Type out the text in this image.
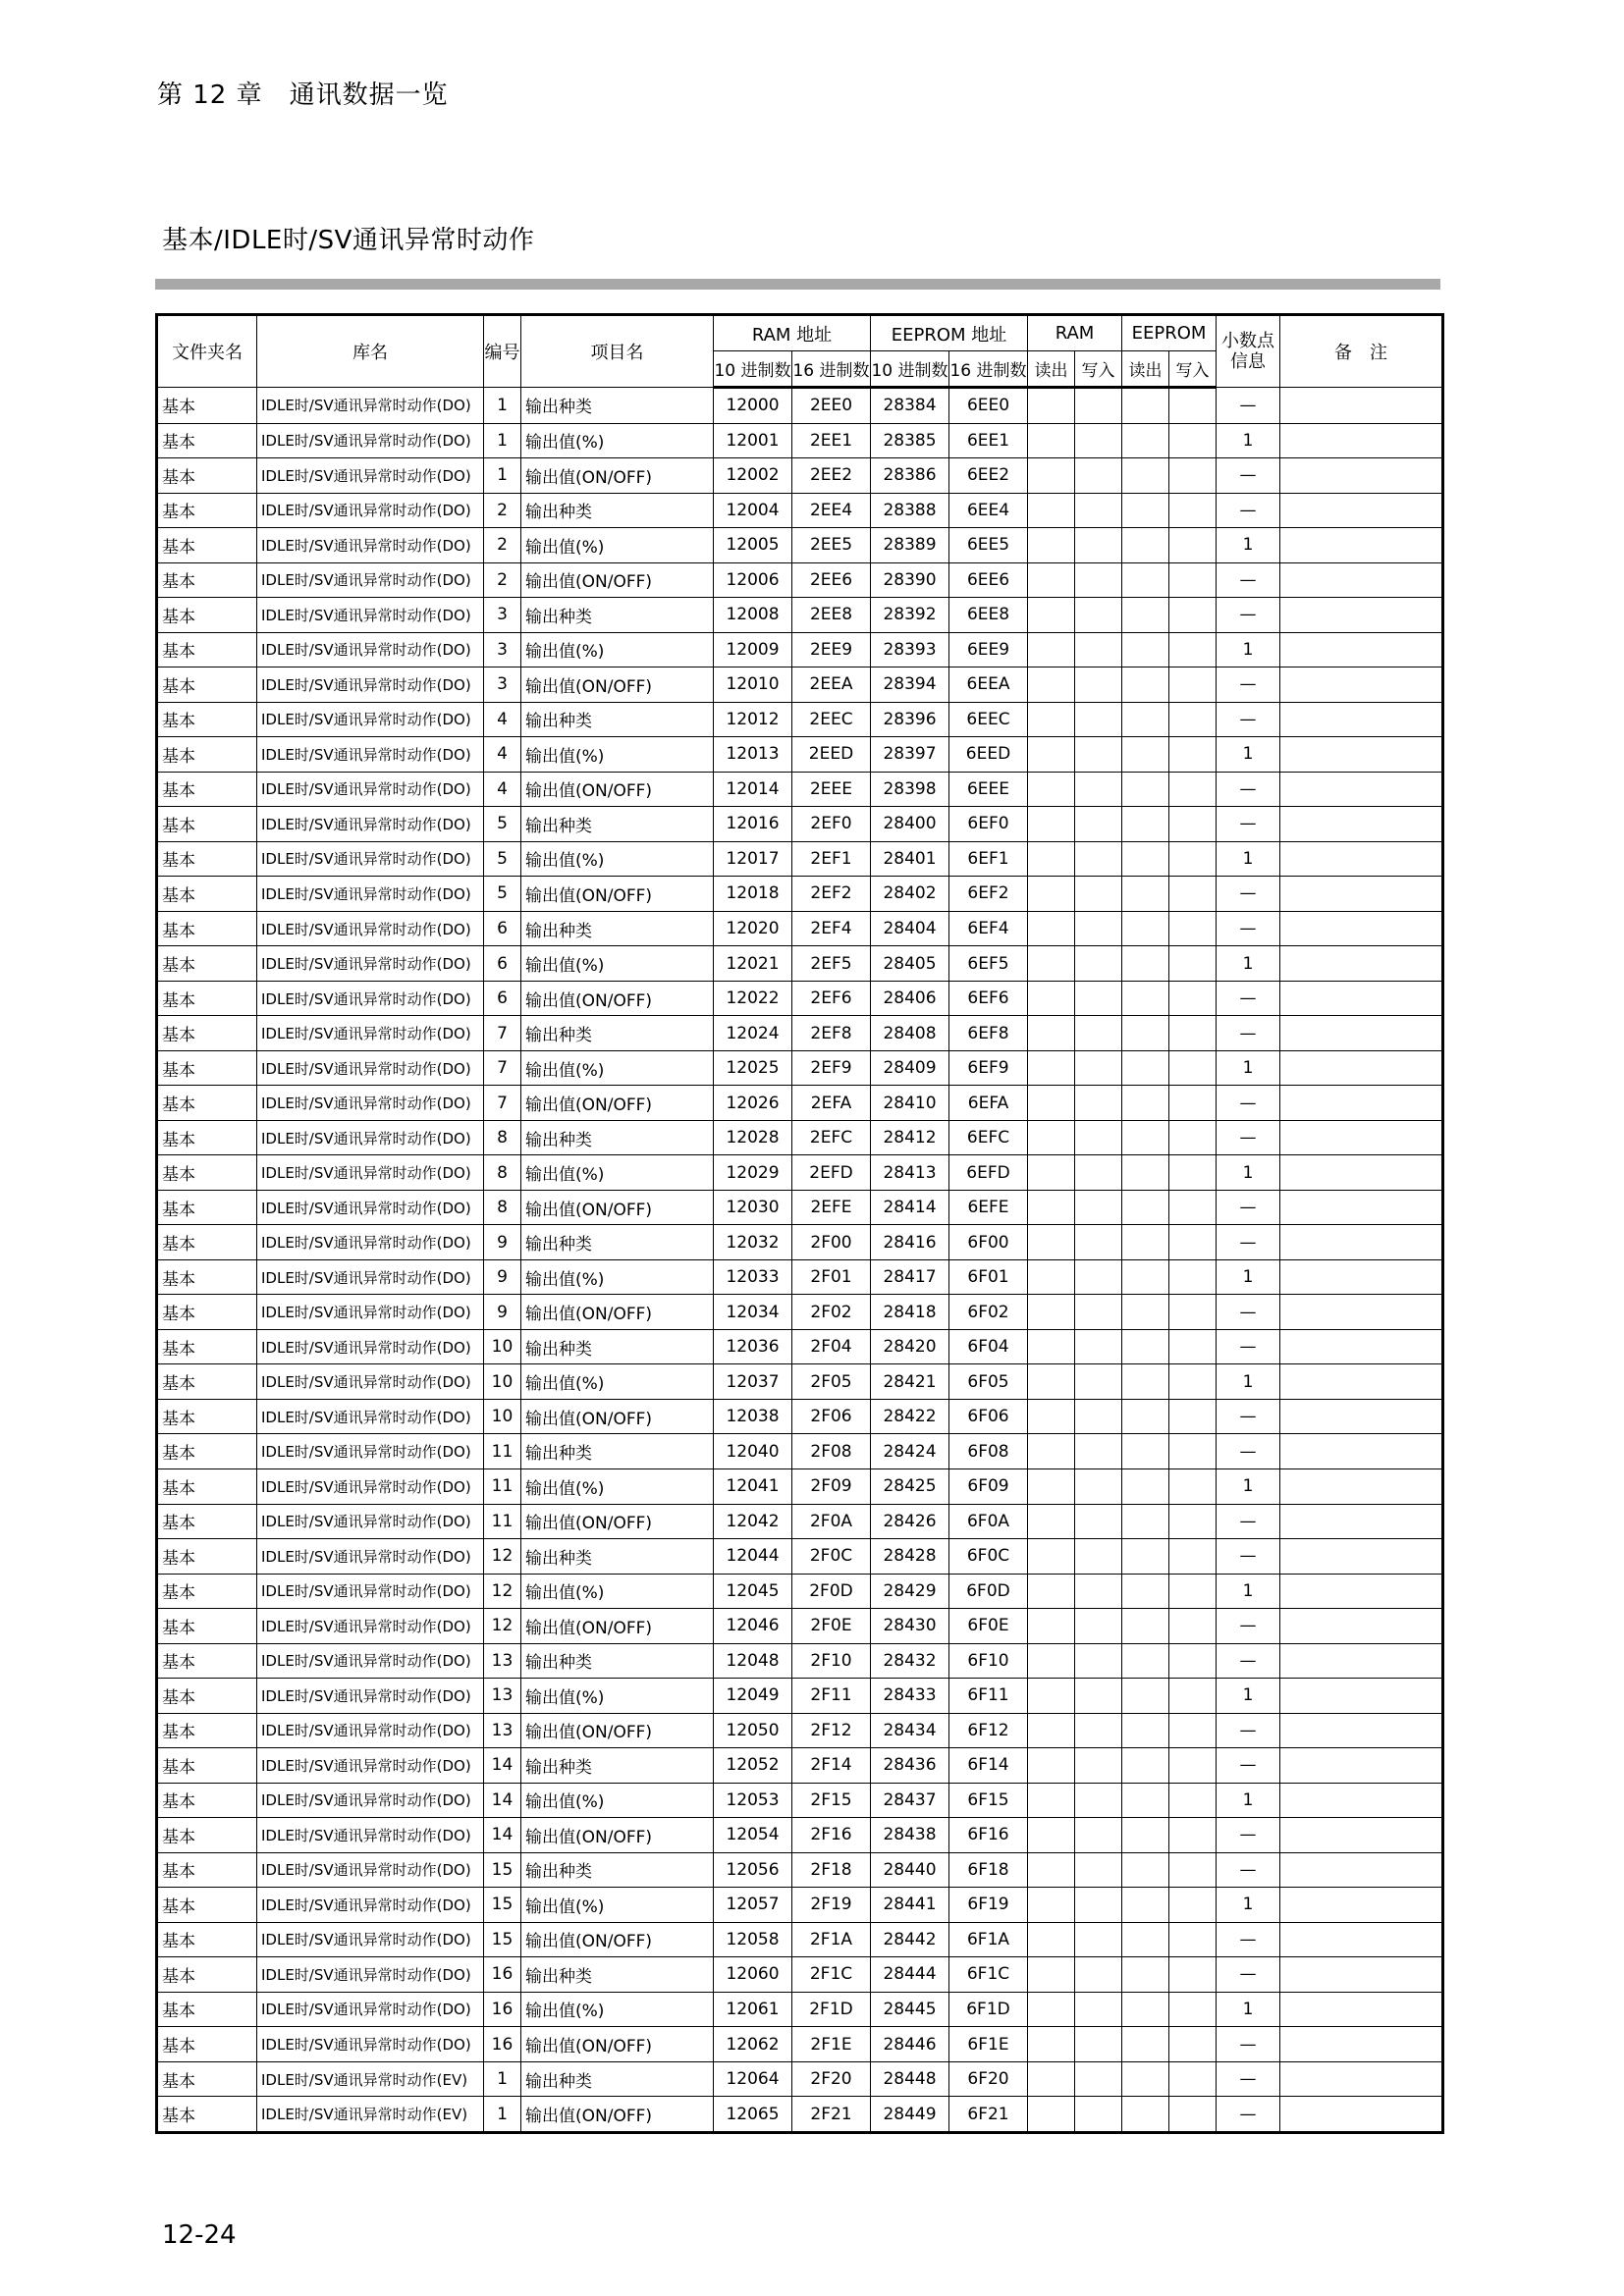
第 12 章　通讯数据一览
基本/IDLE时/SV通讯异常时动作
文件夹名	库名	编号	项目名	RAM 地址		EEPROM 地址		RAM		EEPROM		小数点
信息	备　注
				10 进制数	16 进制数	10 进制数	16 进制数	读出	写入	读出	写入		
基本	IDLE时/SV通讯异常时动作(DO)	1	输出种类	12000	2EE0	28384	6EE0					—	
基本	IDLE时/SV通讯异常时动作(DO)	1	输出值(%)	12001	2EE1	28385	6EE1					1	
基本	IDLE时/SV通讯异常时动作(DO)	1	输出值(ON/OFF)	12002	2EE2	28386	6EE2					—	
基本	IDLE时/SV通讯异常时动作(DO)	2	输出种类	12004	2EE4	28388	6EE4					—	
基本	IDLE时/SV通讯异常时动作(DO)	2	输出值(%)	12005	2EE5	28389	6EE5					1	
基本	IDLE时/SV通讯异常时动作(DO)	2	输出值(ON/OFF)	12006	2EE6	28390	6EE6					—	
基本	IDLE时/SV通讯异常时动作(DO)	3	输出种类	12008	2EE8	28392	6EE8					—	
基本	IDLE时/SV通讯异常时动作(DO)	3	输出值(%)	12009	2EE9	28393	6EE9					1	
基本	IDLE时/SV通讯异常时动作(DO)	3	输出值(ON/OFF)	12010	2EEA	28394	6EEA					—	
基本	IDLE时/SV通讯异常时动作(DO)	4	输出种类	12012	2EEC	28396	6EEC					—	
基本	IDLE时/SV通讯异常时动作(DO)	4	输出值(%)	12013	2EED	28397	6EED					1	
基本	IDLE时/SV通讯异常时动作(DO)	4	输出值(ON/OFF)	12014	2EEE	28398	6EEE					—	
基本	IDLE时/SV通讯异常时动作(DO)	5	输出种类	12016	2EF0	28400	6EF0					—	
基本	IDLE时/SV通讯异常时动作(DO)	5	输出值(%)	12017	2EF1	28401	6EF1					1	
基本	IDLE时/SV通讯异常时动作(DO)	5	输出值(ON/OFF)	12018	2EF2	28402	6EF2					—	
基本	IDLE时/SV通讯异常时动作(DO)	6	输出种类	12020	2EF4	28404	6EF4					—	
基本	IDLE时/SV通讯异常时动作(DO)	6	输出值(%)	12021	2EF5	28405	6EF5					1	
基本	IDLE时/SV通讯异常时动作(DO)	6	输出值(ON/OFF)	12022	2EF6	28406	6EF6					—	
基本	IDLE时/SV通讯异常时动作(DO)	7	输出种类	12024	2EF8	28408	6EF8					—	
基本	IDLE时/SV通讯异常时动作(DO)	7	输出值(%)	12025	2EF9	28409	6EF9					1	
基本	IDLE时/SV通讯异常时动作(DO)	7	输出值(ON/OFF)	12026	2EFA	28410	6EFA					—	
基本	IDLE时/SV通讯异常时动作(DO)	8	输出种类	12028	2EFC	28412	6EFC					—	
基本	IDLE时/SV通讯异常时动作(DO)	8	输出值(%)	12029	2EFD	28413	6EFD					1	
基本	IDLE时/SV通讯异常时动作(DO)	8	输出值(ON/OFF)	12030	2EFE	28414	6EFE					—	
基本	IDLE时/SV通讯异常时动作(DO)	9	输出种类	12032	2F00	28416	6F00					—	
基本	IDLE时/SV通讯异常时动作(DO)	9	输出值(%)	12033	2F01	28417	6F01					1	
基本	IDLE时/SV通讯异常时动作(DO)	9	输出值(ON/OFF)	12034	2F02	28418	6F02					—	
基本	IDLE时/SV通讯异常时动作(DO)	10	输出种类	12036	2F04	28420	6F04					—	
基本	IDLE时/SV通讯异常时动作(DO)	10	输出值(%)	12037	2F05	28421	6F05					1	
基本	IDLE时/SV通讯异常时动作(DO)	10	输出值(ON/OFF)	12038	2F06	28422	6F06					—	
基本	IDLE时/SV通讯异常时动作(DO)	11	输出种类	12040	2F08	28424	6F08					—	
基本	IDLE时/SV通讯异常时动作(DO)	11	输出值(%)	12041	2F09	28425	6F09					1	
基本	IDLE时/SV通讯异常时动作(DO)	11	输出值(ON/OFF)	12042	2F0A	28426	6F0A					—	
基本	IDLE时/SV通讯异常时动作(DO)	12	输出种类	12044	2F0C	28428	6F0C					—	
基本	IDLE时/SV通讯异常时动作(DO)	12	输出值(%)	12045	2F0D	28429	6F0D					1	
基本	IDLE时/SV通讯异常时动作(DO)	12	输出值(ON/OFF)	12046	2F0E	28430	6F0E					—	
基本	IDLE时/SV通讯异常时动作(DO)	13	输出种类	12048	2F10	28432	6F10					—	
基本	IDLE时/SV通讯异常时动作(DO)	13	输出值(%)	12049	2F11	28433	6F11					1	
基本	IDLE时/SV通讯异常时动作(DO)	13	输出值(ON/OFF)	12050	2F12	28434	6F12					—	
基本	IDLE时/SV通讯异常时动作(DO)	14	输出种类	12052	2F14	28436	6F14					—	
基本	IDLE时/SV通讯异常时动作(DO)	14	输出值(%)	12053	2F15	28437	6F15					1	
基本	IDLE时/SV通讯异常时动作(DO)	14	输出值(ON/OFF)	12054	2F16	28438	6F16					—	
基本	IDLE时/SV通讯异常时动作(DO)	15	输出种类	12056	2F18	28440	6F18					—	
基本	IDLE时/SV通讯异常时动作(DO)	15	输出值(%)	12057	2F19	28441	6F19					1	
基本	IDLE时/SV通讯异常时动作(DO)	15	输出值(ON/OFF)	12058	2F1A	28442	6F1A					—	
基本	IDLE时/SV通讯异常时动作(DO)	16	输出种类	12060	2F1C	28444	6F1C					—	
基本	IDLE时/SV通讯异常时动作(DO)	16	输出值(%)	12061	2F1D	28445	6F1D					1	
基本	IDLE时/SV通讯异常时动作(DO)	16	输出值(ON/OFF)	12062	2F1E	28446	6F1E					—	
基本	IDLE时/SV通讯异常时动作(EV)	1	输出种类	12064	2F20	28448	6F20					—	
基本	IDLE时/SV通讯异常时动作(EV)	1	输出值(ON/OFF)	12065	2F21	28449	6F21					—	
12-24
